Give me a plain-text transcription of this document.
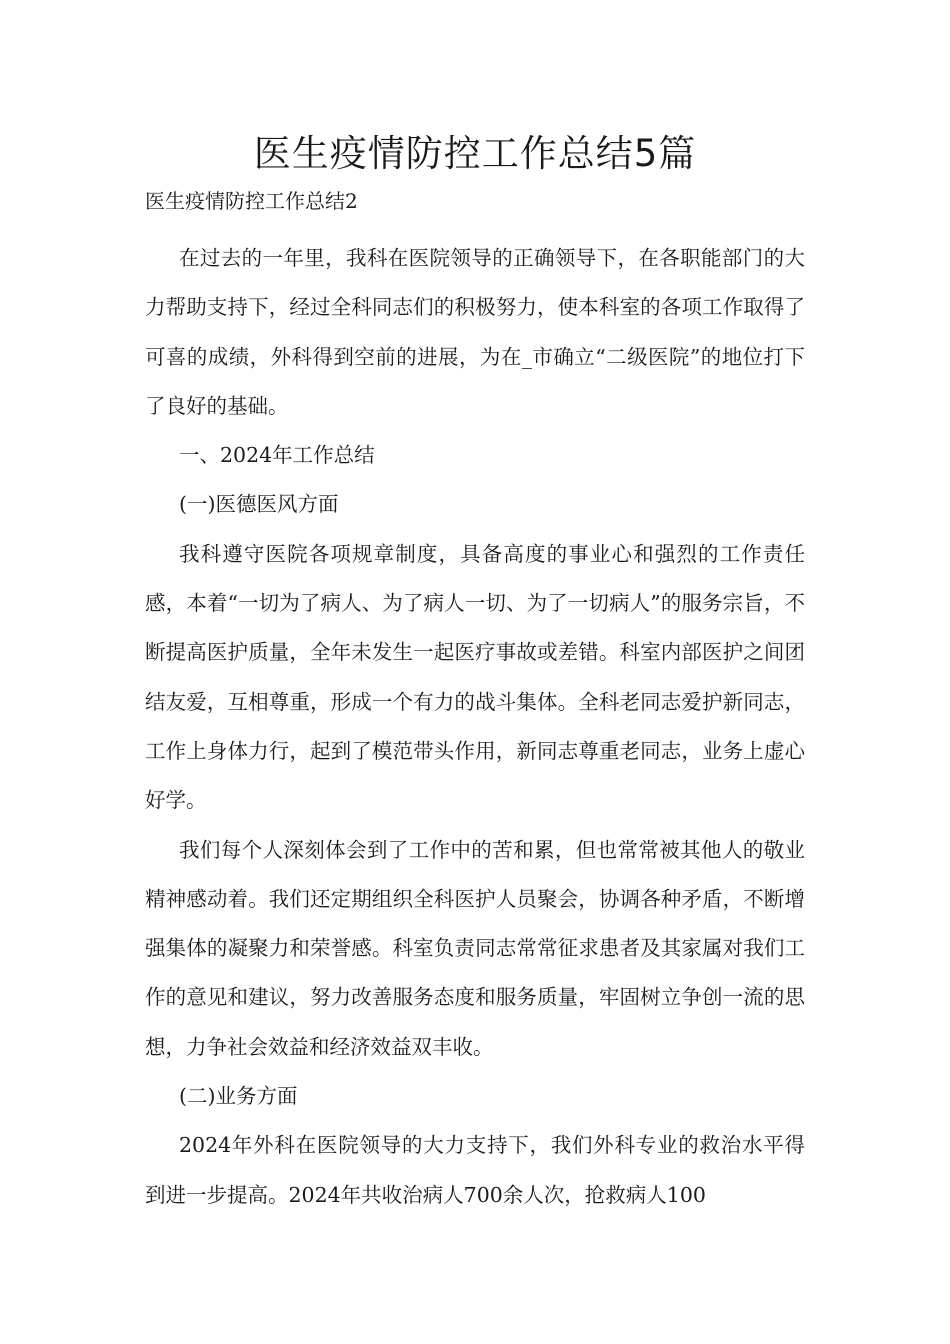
医生疫情防控工作总结5篇

医生疫情防控工作总结2

在过去的一年里，我科在医院领导的正确领导下，在各职能部门的大力帮助支持下，经过全科同志们的积极努力，使本科室的各项工作取得了可喜的成绩，外科得到空前的进展，为在_市确立“二级医院”的地位打下了良好的基础。

一、2024年工作总结

(一)医德医风方面

我科遵守医院各项规章制度，具备高度的事业心和强烈的工作责任感，本着“一切为了病人、为了病人一切、为了一切病人”的服务宗旨，不断提高医护质量，全年未发生一起医疗事故或差错。科室内部医护之间团结友爱，互相尊重，形成一个有力的战斗集体。全科老同志爱护新同志，工作上身体力行，起到了模范带头作用，新同志尊重老同志，业务上虚心好学。

我们每个人深刻体会到了工作中的苦和累，但也常常被其他人的敬业精神感动着。我们还定期组织全科医护人员聚会，协调各种矛盾，不断增强集体的凝聚力和荣誉感。科室负责同志常常征求患者及其家属对我们工作的意见和建议，努力改善服务态度和服务质量，牢固树立争创一流的思想，力争社会效益和经济效益双丰收。

(二)业务方面

2024年外科在医院领导的大力支持下，我们外科专业的救治水平得到进一步提高。2024年共收治病人700余人次，抢救病人100
